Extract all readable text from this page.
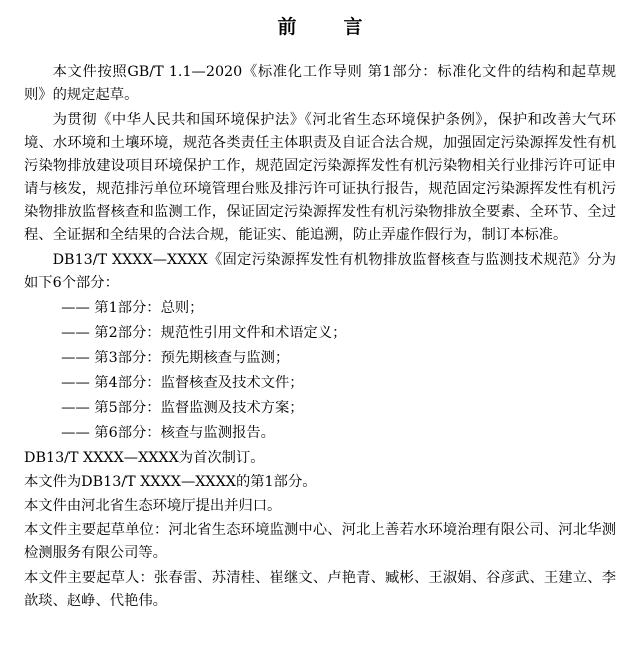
前　言

本文件按照GB/T 1.1—2020《标准化工作导则 第1部分：标准化文件的结构和起草规则》的规定起草。

为贯彻《中华人民共和国环境保护法》《河北省生态环境保护条例》，保护和改善大气环境、水环境和土壤环境，规范各类责任主体职责及自证合法合规，加强固定污染源挥发性有机污染物排放建设项目环境保护工作，规范固定污染源挥发性有机污染物相关行业排污许可证申请与核发，规范排污单位环境管理台账及排污许可证执行报告，规范固定污染源挥发性有机污染物排放监督核查和监测工作，保证固定污染源挥发性有机污染物排放全要素、全环节、全过程、全证据和全结果的合法合规，能证实、能追溯，防止弄虚作假行为，制订本标准。

DB13/T XXXX—XXXX《固定污染源挥发性有机物排放监督核查与监测技术规范》分为如下6个部分：

—— 第1部分：总则；

—— 第2部分：规范性引用文件和术语定义；

—— 第3部分：预先期核查与监测；

—— 第4部分：监督核查及技术文件；

—— 第5部分：监督监测及技术方案；

—— 第6部分：核查与监测报告。

DB13/T XXXX—XXXX为首次制订。

本文件为DB13/T XXXX—XXXX的第1部分。

本文件由河北省生态环境厅提出并归口。

本文件主要起草单位：河北省生态环境监测中心、河北上善若水环境治理有限公司、河北华测检测服务有限公司等。

本文件主要起草人：张春雷、苏清桂、崔继文、卢艳青、臧彬、王淑娟、谷彦武、王建立、李歆琰、赵峥、代艳伟。
